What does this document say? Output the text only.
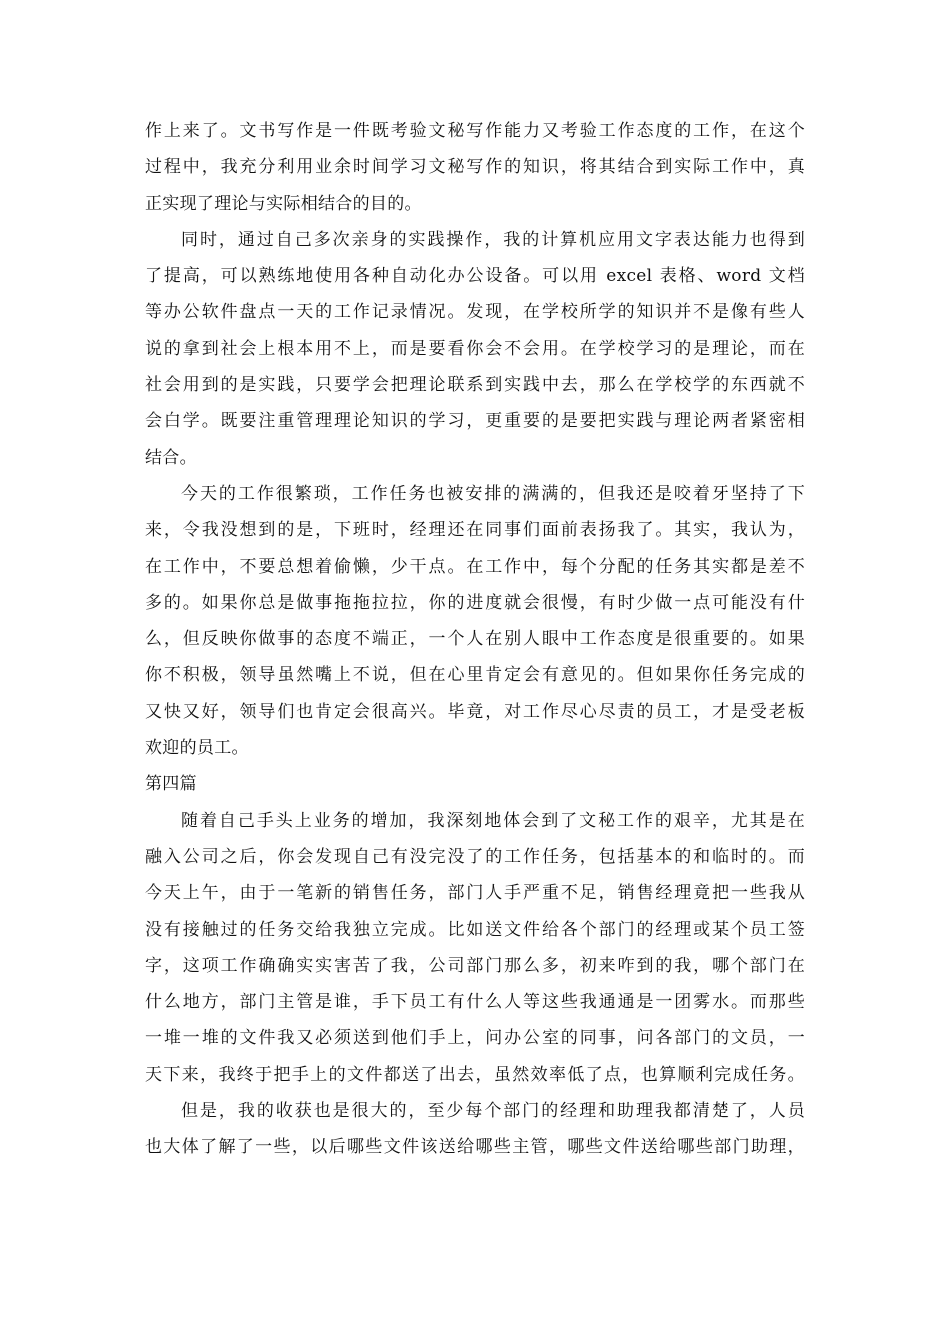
作上来了。文书写作是一件既考验文秘写作能力又考验工作态度的工作，在这个
过程中，我充分利用业余时间学习文秘写作的知识，将其结合到实际工作中，真
正实现了理论与实际相结合的目的。
同时，通过自己多次亲身的实践操作，我的计算机应用文字表达能力也得到
了提高，可以熟练地使用各种自动化办公设备。可以用 excel 表格、word 文档
等办公软件盘点一天的工作记录情况。发现，在学校所学的知识并不是像有些人
说的拿到社会上根本用不上，而是要看你会不会用。在学校学习的是理论，而在
社会用到的是实践，只要学会把理论联系到实践中去，那么在学校学的东西就不
会白学。既要注重管理理论知识的学习，更重要的是要把实践与理论两者紧密相
结合。
今天的工作很繁琐，工作任务也被安排的满满的，但我还是咬着牙坚持了下
来，令我没想到的是，下班时，经理还在同事们面前表扬我了。其实，我认为，
在工作中，不要总想着偷懒，少干点。在工作中，每个分配的任务其实都是差不
多的。如果你总是做事拖拖拉拉，你的进度就会很慢，有时少做一点可能没有什
么，但反映你做事的态度不端正，一个人在别人眼中工作态度是很重要的。如果
你不积极，领导虽然嘴上不说，但在心里肯定会有意见的。但如果你任务完成的
又快又好，领导们也肯定会很高兴。毕竟，对工作尽心尽责的员工，才是受老板
欢迎的员工。
第四篇
随着自己手头上业务的增加，我深刻地体会到了文秘工作的艰辛，尤其是在
融入公司之后，你会发现自己有没完没了的工作任务，包括基本的和临时的。而
今天上午，由于一笔新的销售任务，部门人手严重不足，销售经理竟把一些我从
没有接触过的任务交给我独立完成。比如送文件给各个部门的经理或某个员工签
字，这项工作确确实实害苦了我，公司部门那么多，初来咋到的我，哪个部门在
什么地方，部门主管是谁，手下员工有什么人等这些我通通是一团雾水。而那些
一堆一堆的文件我又必须送到他们手上，问办公室的同事，问各部门的文员，一
天下来，我终于把手上的文件都送了出去，虽然效率低了点，也算顺利完成任务。
但是，我的收获也是很大的，至少每个部门的经理和助理我都清楚了，人员
也大体了解了一些，以后哪些文件该送给哪些主管，哪些文件送给哪些部门助理，
